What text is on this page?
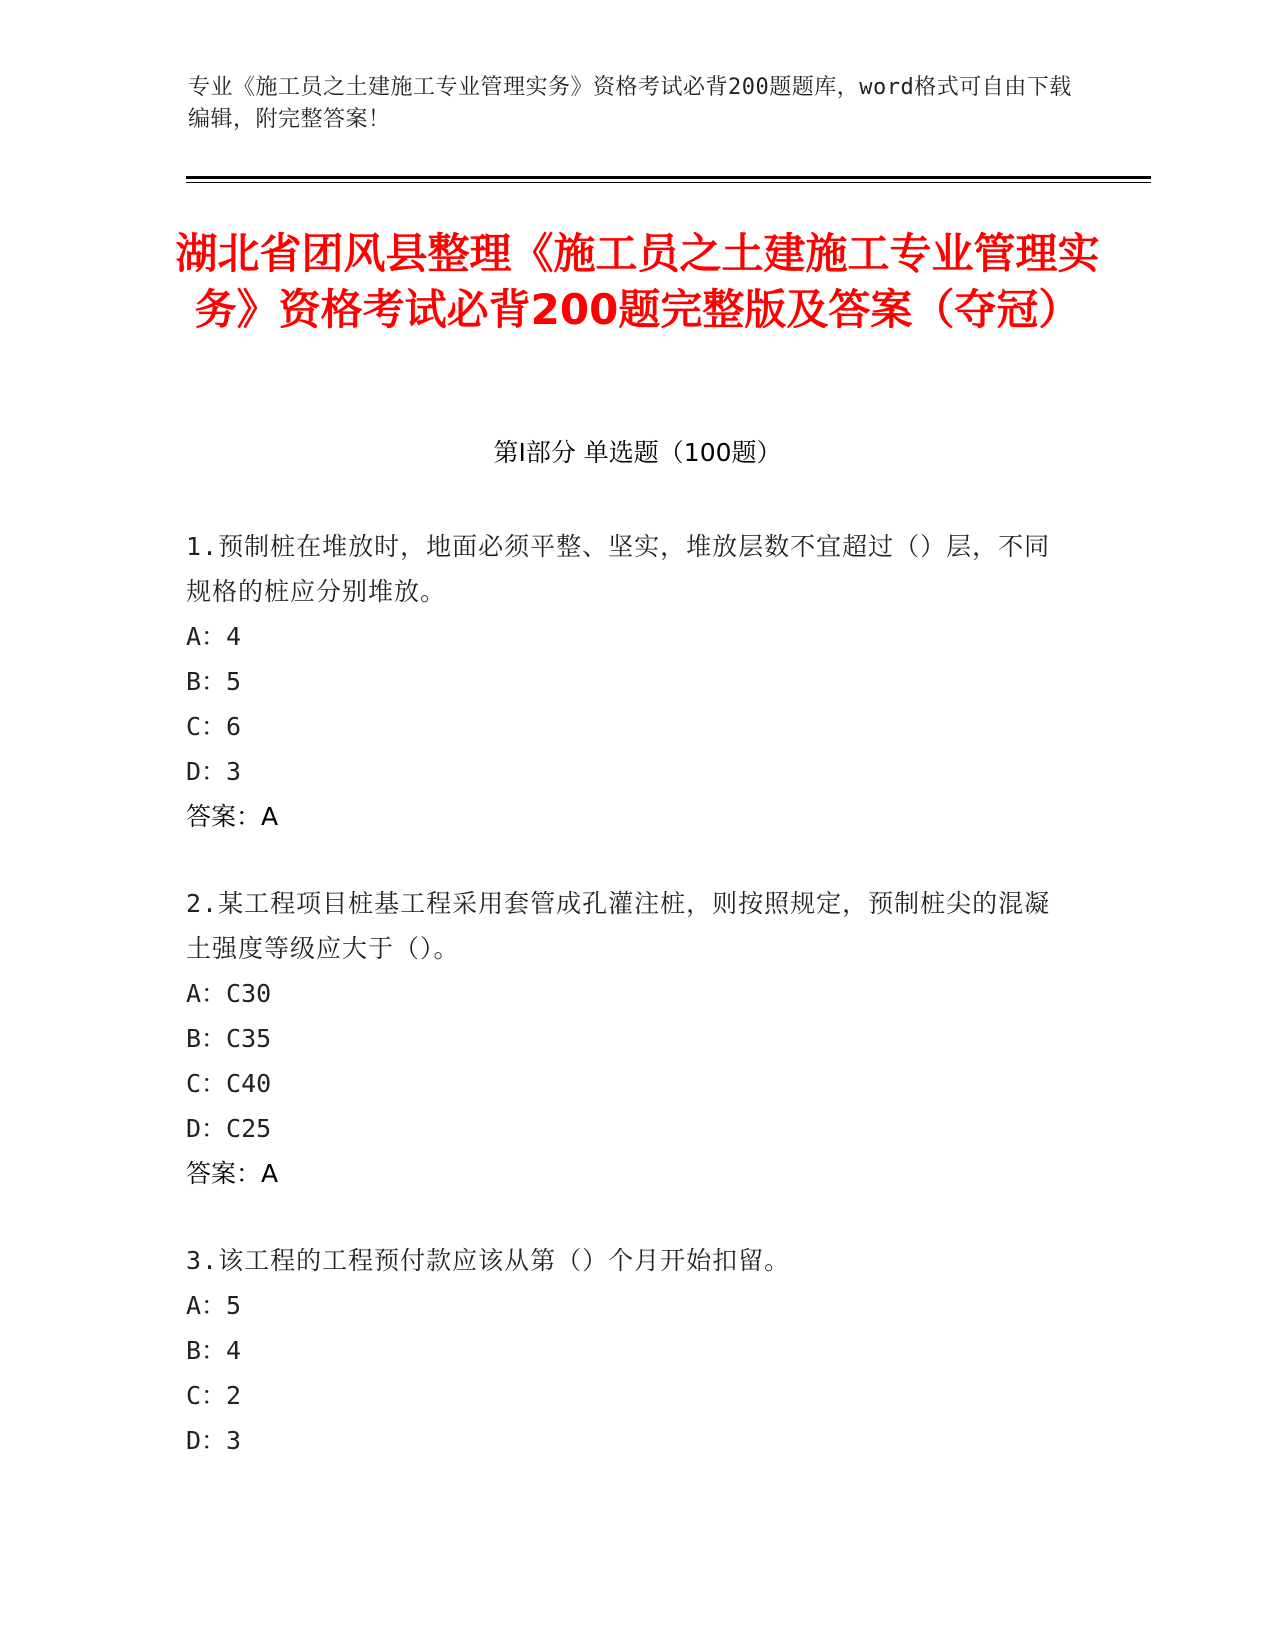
专业《施工员之土建施工专业管理实务》资格考试必背200题题库，word格式可自由下载编辑，附完整答案！
湖北省团风县整理《施工员之土建施工专业管理实务》资格考试必背200题完整版及答案（夺冠）
第I部分 单选题（100题）
1.预制桩在堆放时，地面必须平整、坚实，堆放层数不宜超过（）层，不同规格的桩应分别堆放。
A：4
B：5
C：6
D：3
答案：A
2.某工程项目桩基工程采用套管成孔灌注桩，则按照规定，预制桩尖的混凝土强度等级应大于（）。
A：C30
B：C35
C：C40
D：C25
答案：A
3.该工程的工程预付款应该从第（）个月开始扣留。
A：5
B：4
C：2
D：3
